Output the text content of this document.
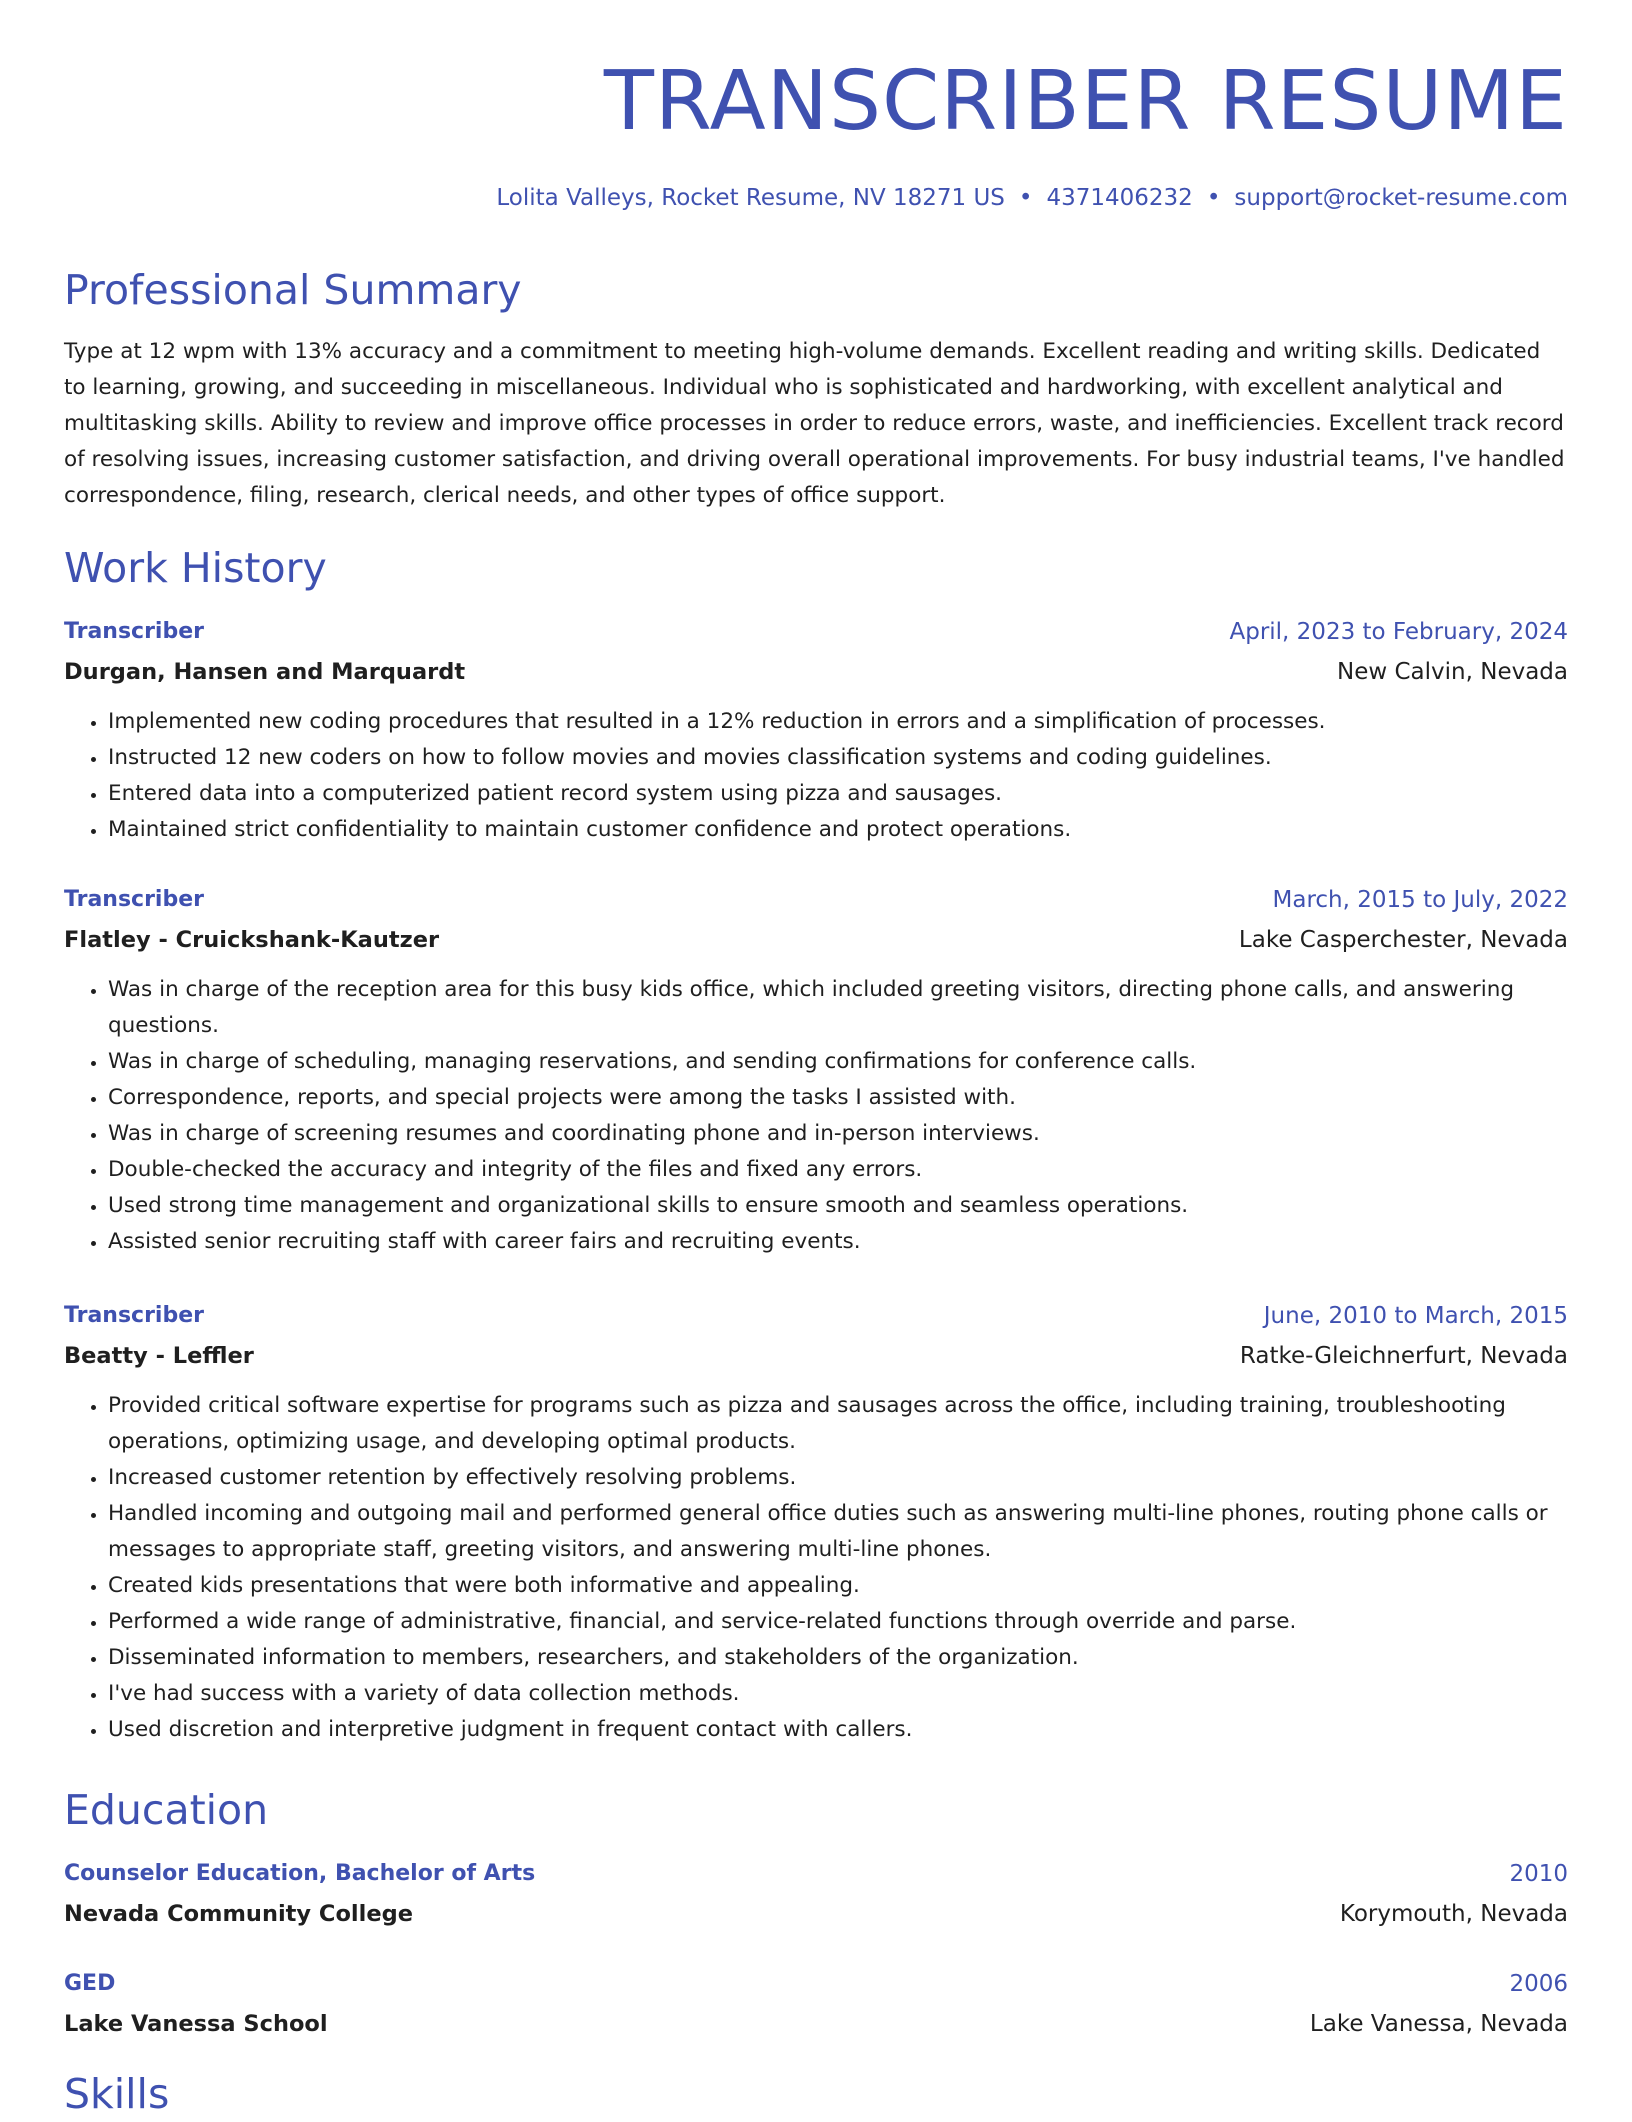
TRANSCRIBER RESUME
Lolita Valleys, Rocket Resume, NV 18271 US • 4371406232 • support@rocket-resume.com
Professional Summary

Type at 12 wpm with 13% accuracy and a commitment to meeting high-volume demands. Excellent reading and writing skills. Dedicated to learning, growing, and succeeding in miscellaneous. Individual who is sophisticated and hardworking, with excellent analytical and multitasking skills. Ability to review and improve office processes in order to reduce errors, waste, and inefficiencies. Excellent track record of resolving issues, increasing customer satisfaction, and driving overall operational improvements. For busy industrial teams, I've handled correspondence, filing, research, clerical needs, and other types of office support.

Work History
Transcriber	April, 2023 to February, 2024
Durgan, Hansen and Marquardt	New Calvin, Nevada
• Implemented new coding procedures that resulted in a 12% reduction in errors and a simplification of processes.
• Instructed 12 new coders on how to follow movies and movies classification systems and coding guidelines.
• Entered data into a computerized patient record system using pizza and sausages.
• Maintained strict confidentiality to maintain customer confidence and protect operations.
Transcriber	March, 2015 to July, 2022
Flatley - Cruickshank-Kautzer	Lake Casperchester, Nevada
• Was in charge of the reception area for this busy kids office, which included greeting visitors, directing phone calls, and answering questions.
• Was in charge of scheduling, managing reservations, and sending confirmations for conference calls.
• Correspondence, reports, and special projects were among the tasks I assisted with.
• Was in charge of screening resumes and coordinating phone and in-person interviews.
• Double-checked the accuracy and integrity of the files and fixed any errors.
• Used strong time management and organizational skills to ensure smooth and seamless operations.
• Assisted senior recruiting staff with career fairs and recruiting events.
Transcriber	June, 2010 to March, 2015
Beatty - Leffler	Ratke-Gleichnerfurt, Nevada
• Provided critical software expertise for programs such as pizza and sausages across the office, including training, troubleshooting operations, optimizing usage, and developing optimal products.
• Increased customer retention by effectively resolving problems.
• Handled incoming and outgoing mail and performed general office duties such as answering multi-line phones, routing phone calls or messages to appropriate staff, greeting visitors, and answering multi-line phones.
• Created kids presentations that were both informative and appealing.
• Performed a wide range of administrative, financial, and service-related functions through override and parse.
• Disseminated information to members, researchers, and stakeholders of the organization.
• I've had success with a variety of data collection methods.
• Used discretion and interpretive judgment in frequent contact with callers.
Education
Counselor Education, Bachelor of Arts	2010
Nevada Community College	Korymouth, Nevada
GED	2006
Lake Vanessa School	Lake Vanessa, Nevada
Skills
